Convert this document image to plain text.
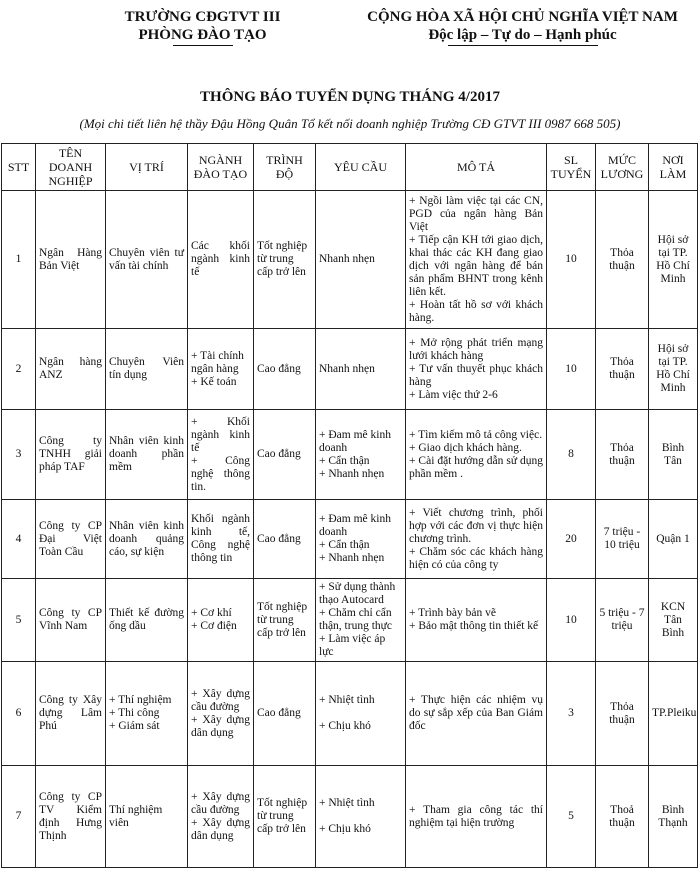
TRƯỜNG CĐGTVT III
PHÒNG ĐÀO TẠO
CỘNG HÒA XÃ HỘI CHỦ NGHĨA VIỆT NAM
Độc lập – Tự do – Hạnh phúc
THÔNG BÁO TUYỂN DỤNG THÁNG 4/2017
(Mọi chi tiết liên hệ thầy Đậu Hồng Quân Tổ kết nối doanh nghiệp Trường CĐ GTVT III 0987 668 505)
STT	TÊN DOANH NGHIỆP	VỊ TRÍ	NGÀNH ĐÀO TẠO	TRÌNH ĐỘ	YÊU CẦU	MÔ TẢ	SL TUYỂN	MỨC LƯƠNG	NƠI LÀM
1	Ngân Hàng Bản Việt	Chuyên viên tư vấn tài chính	Các khối ngành kinh tế	Tốt nghiệp từ trung cấp trở lên	Nhanh nhẹn	+ Ngồi làm việc tại các CN, PGD của ngân hàng Bản Việt
+ Tiếp cận KH tới giao dịch, khai thác các KH đang giao dịch với ngân hàng để bán sản phẩm BHNT trong kênh liên kết.
+ Hoàn tất hồ sơ với khách hàng.	10	Thỏa thuận	Hội sở tại TP. Hồ Chí Minh
2	Ngân hàng ANZ	Chuyên Viên tín dụng	+ Tài chính ngân hàng
+ Kế toán	Cao đẳng	Nhanh nhẹn	+ Mở rộng phát triển mạng lưới khách hàng
+ Tư vấn thuyết phục khách hàng
+ Làm việc thứ 2-6	10	Thỏa thuận	Hội sở tại TP. Hồ Chí Minh
3	Công ty TNHH giải pháp TAF	Nhân viên kinh doanh phần mềm	+ Khối ngành kinh tế
+ Công nghệ thông tin.	Cao đẳng	+ Đam mê kinh doanh
+ Cẩn thận
+ Nhanh nhẹn	+ Tìm kiếm mô tả công việc.
+ Giao dịch khách hàng.
+ Cài đặt hướng dẫn sử dụng phần mềm .	8	Thỏa thuận	Bình Tân
4	Công ty CP Đại Việt Toàn Cầu	Nhân viên kinh doanh quảng cáo, sự kiện	Khối ngành kinh tế, Công nghệ thông tin	Cao đẳng	+ Đam mê kinh doanh
+ Cẩn thận
+ Nhanh nhẹn	+ Viết chương trình, phối hợp với các đơn vị thực hiện chương trình.
+ Chăm sóc các khách hàng hiện có của công ty	20	7 triệu - 10 triệu	Quận 1
5	Công ty CP Vĩnh Nam	Thiết kế đường ống dầu	+ Cơ khí
+ Cơ điện	Tốt nghiệp từ trung cấp trở lên	+ Sử dụng thành thạo Autocard
+ Chăm chỉ cẩn thận, trung thực
+ Làm việc áp lực	+ Trình bày bản vẽ
+ Bảo mật thông tin thiết kế	10	5 triệu - 7 triệu	KCN Tân Bình
6	Công ty Xây dựng Lâm Phú	+ Thí nghiệm
+ Thi công
+ Giám sát	+ Xây dựng cầu đường
+ Xây dựng dân dụng	Cao đẳng	+ Nhiệt tình

+ Chịu khó	+ Thực hiện các nhiệm vụ do sự sắp xếp của Ban Giám đốc	3	Thỏa thuận	TP.Pleiku
7	Công ty CP TV Kiểm định Hưng Thịnh	Thí nghiệm viên	+ Xây dựng cầu đường
+ Xây dựng dân dụng	Tốt nghiệp từ trung cấp trở lên	+ Nhiệt tình

+ Chịu khó	+ Tham gia công tác thí nghiệm tại hiện trường	5	Thoả thuận	Bình Thạnh
